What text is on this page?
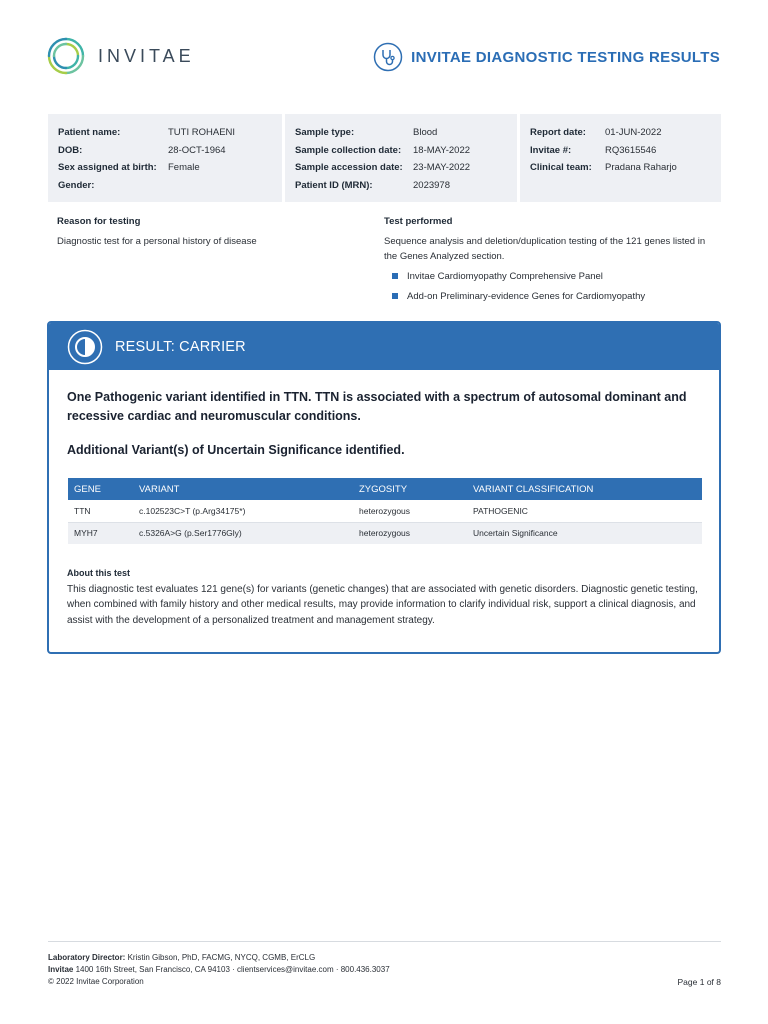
INVITAE	INVITAE DIAGNOSTIC TESTING RESULTS
Patient name:	TUTI ROHAENI
DOB:	28-OCT-1964
Sex assigned at birth:	Female
Gender:
Sample type:	Blood
Sample collection date:	18-MAY-2022
Sample accession date:	23-MAY-2022
Patient ID (MRN):	2023978
Report date:	01-JUN-2022
Invitae #:	RQ3615546
Clinical team:	Pradana Raharjo
Reason for testing
Diagnostic test for a personal history of disease
Test performed
Sequence analysis and deletion/duplication testing of the 121 genes listed in the Genes Analyzed section.
Invitae Cardiomyopathy Comprehensive Panel
Add-on Preliminary-evidence Genes for Cardiomyopathy
RESULT: CARRIER
One Pathogenic variant identified in TTN. TTN is associated with a spectrum of autosomal dominant and recessive cardiac and neuromuscular conditions.
Additional Variant(s) of Uncertain Significance identified.
GENE	VARIANT	ZYGOSITY	VARIANT CLASSIFICATION
TTN	c.102523C>T (p.Arg34175*)	heterozygous	PATHOGENIC
MYH7	c.5326A>G (p.Ser1776Gly)	heterozygous	Uncertain Significance
About this test
This diagnostic test evaluates 121 gene(s) for variants (genetic changes) that are associated with genetic disorders. Diagnostic genetic testing, when combined with family history and other medical results, may provide information to clarify individual risk, support a clinical diagnosis, and assist with the development of a personalized treatment and management strategy.
Laboratory Director: Kristin Gibson, PhD, FACMG, NYCQ, CGMB, ErCLG
Invitae 1400 16th Street, San Francisco, CA 94103 · clientservices@invitae.com · 800.436.3037
© 2022 Invitae Corporation	Page 1 of 8
